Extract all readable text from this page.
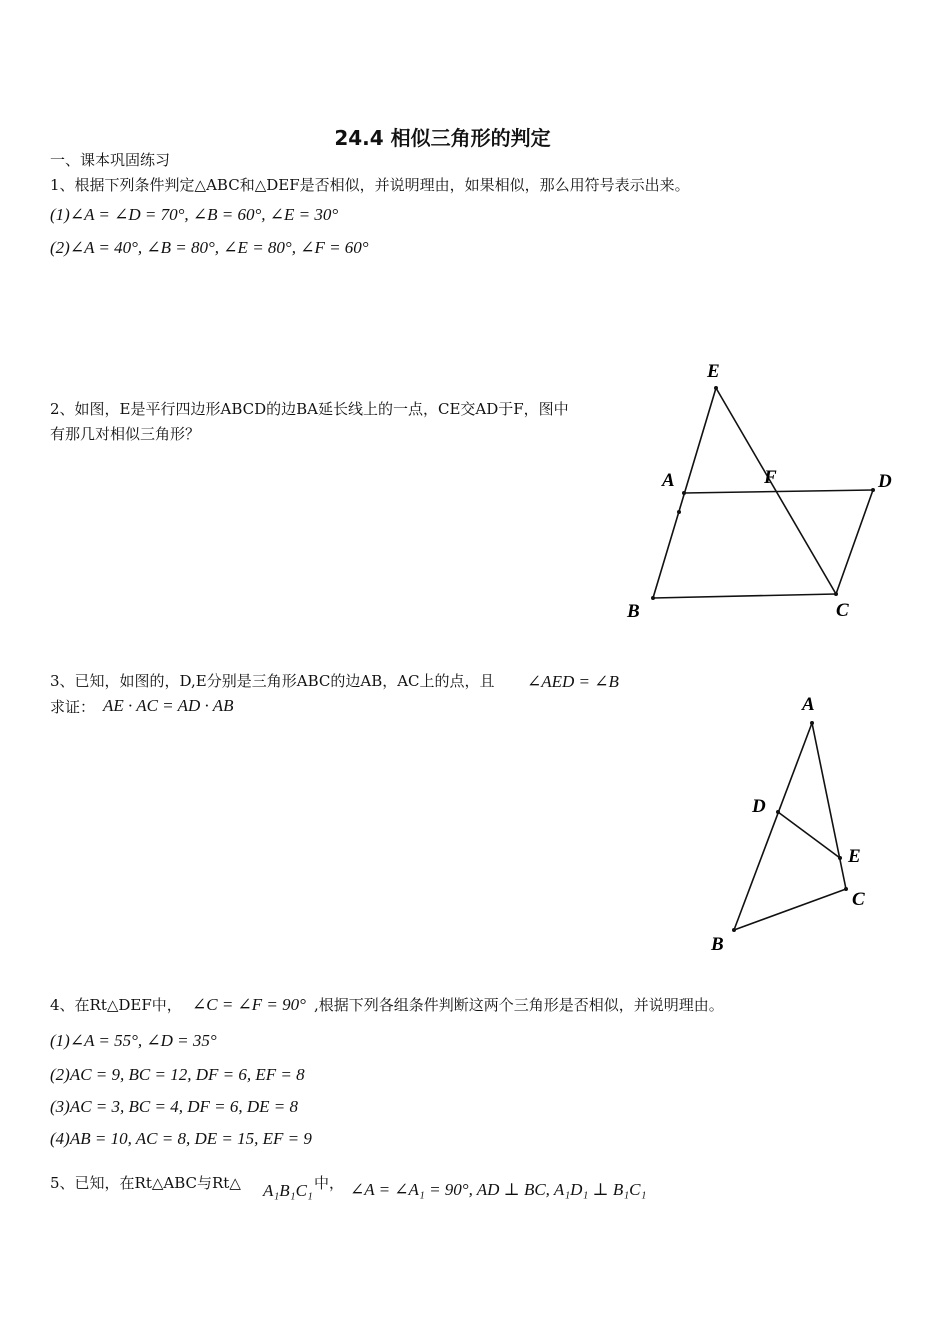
24.4 相似三角形的判定
一、课本巩固练习
1、根据下列条件判定△ABC和△DEF是否相似，并说明理由，如果相似，那么用符号表示出来。
(1)∠A = ∠D = 70°, ∠B = 60°, ∠E = 30°
(2)∠A = 40°, ∠B = 80°, ∠E = 80°, ∠F = 60°
2、如图，E是平行四边形ABCD的边BA延长线上的一点，CE交AD于F，图中
有那几对相似三角形？
E
A	F	D
B	C
A
D
E
C
B
3、已知，如图的，D,E分别是三角形ABC的边AB，AC上的点，且 ∠AED = ∠B
求证： AE · AC = AD · AB
4、在Rt△DEF中， ∠C = ∠F = 90° ,根据下列各组条件判断这两个三角形是否相似，并说明理由。
(1)∠A = 55°, ∠D = 35°
(2)AC = 9, BC = 12, DF = 6, EF = 8
(3)AC = 3, BC = 4, DF = 6, DE = 8
(4)AB = 10, AC = 8, DE = 15, EF = 9
5、已知，在Rt△ABC与Rt△ A₁B₁C₁ 中， ∠A = ∠A₁ = 90°, AD ⊥ BC, A₁D₁ ⊥ B₁C₁
